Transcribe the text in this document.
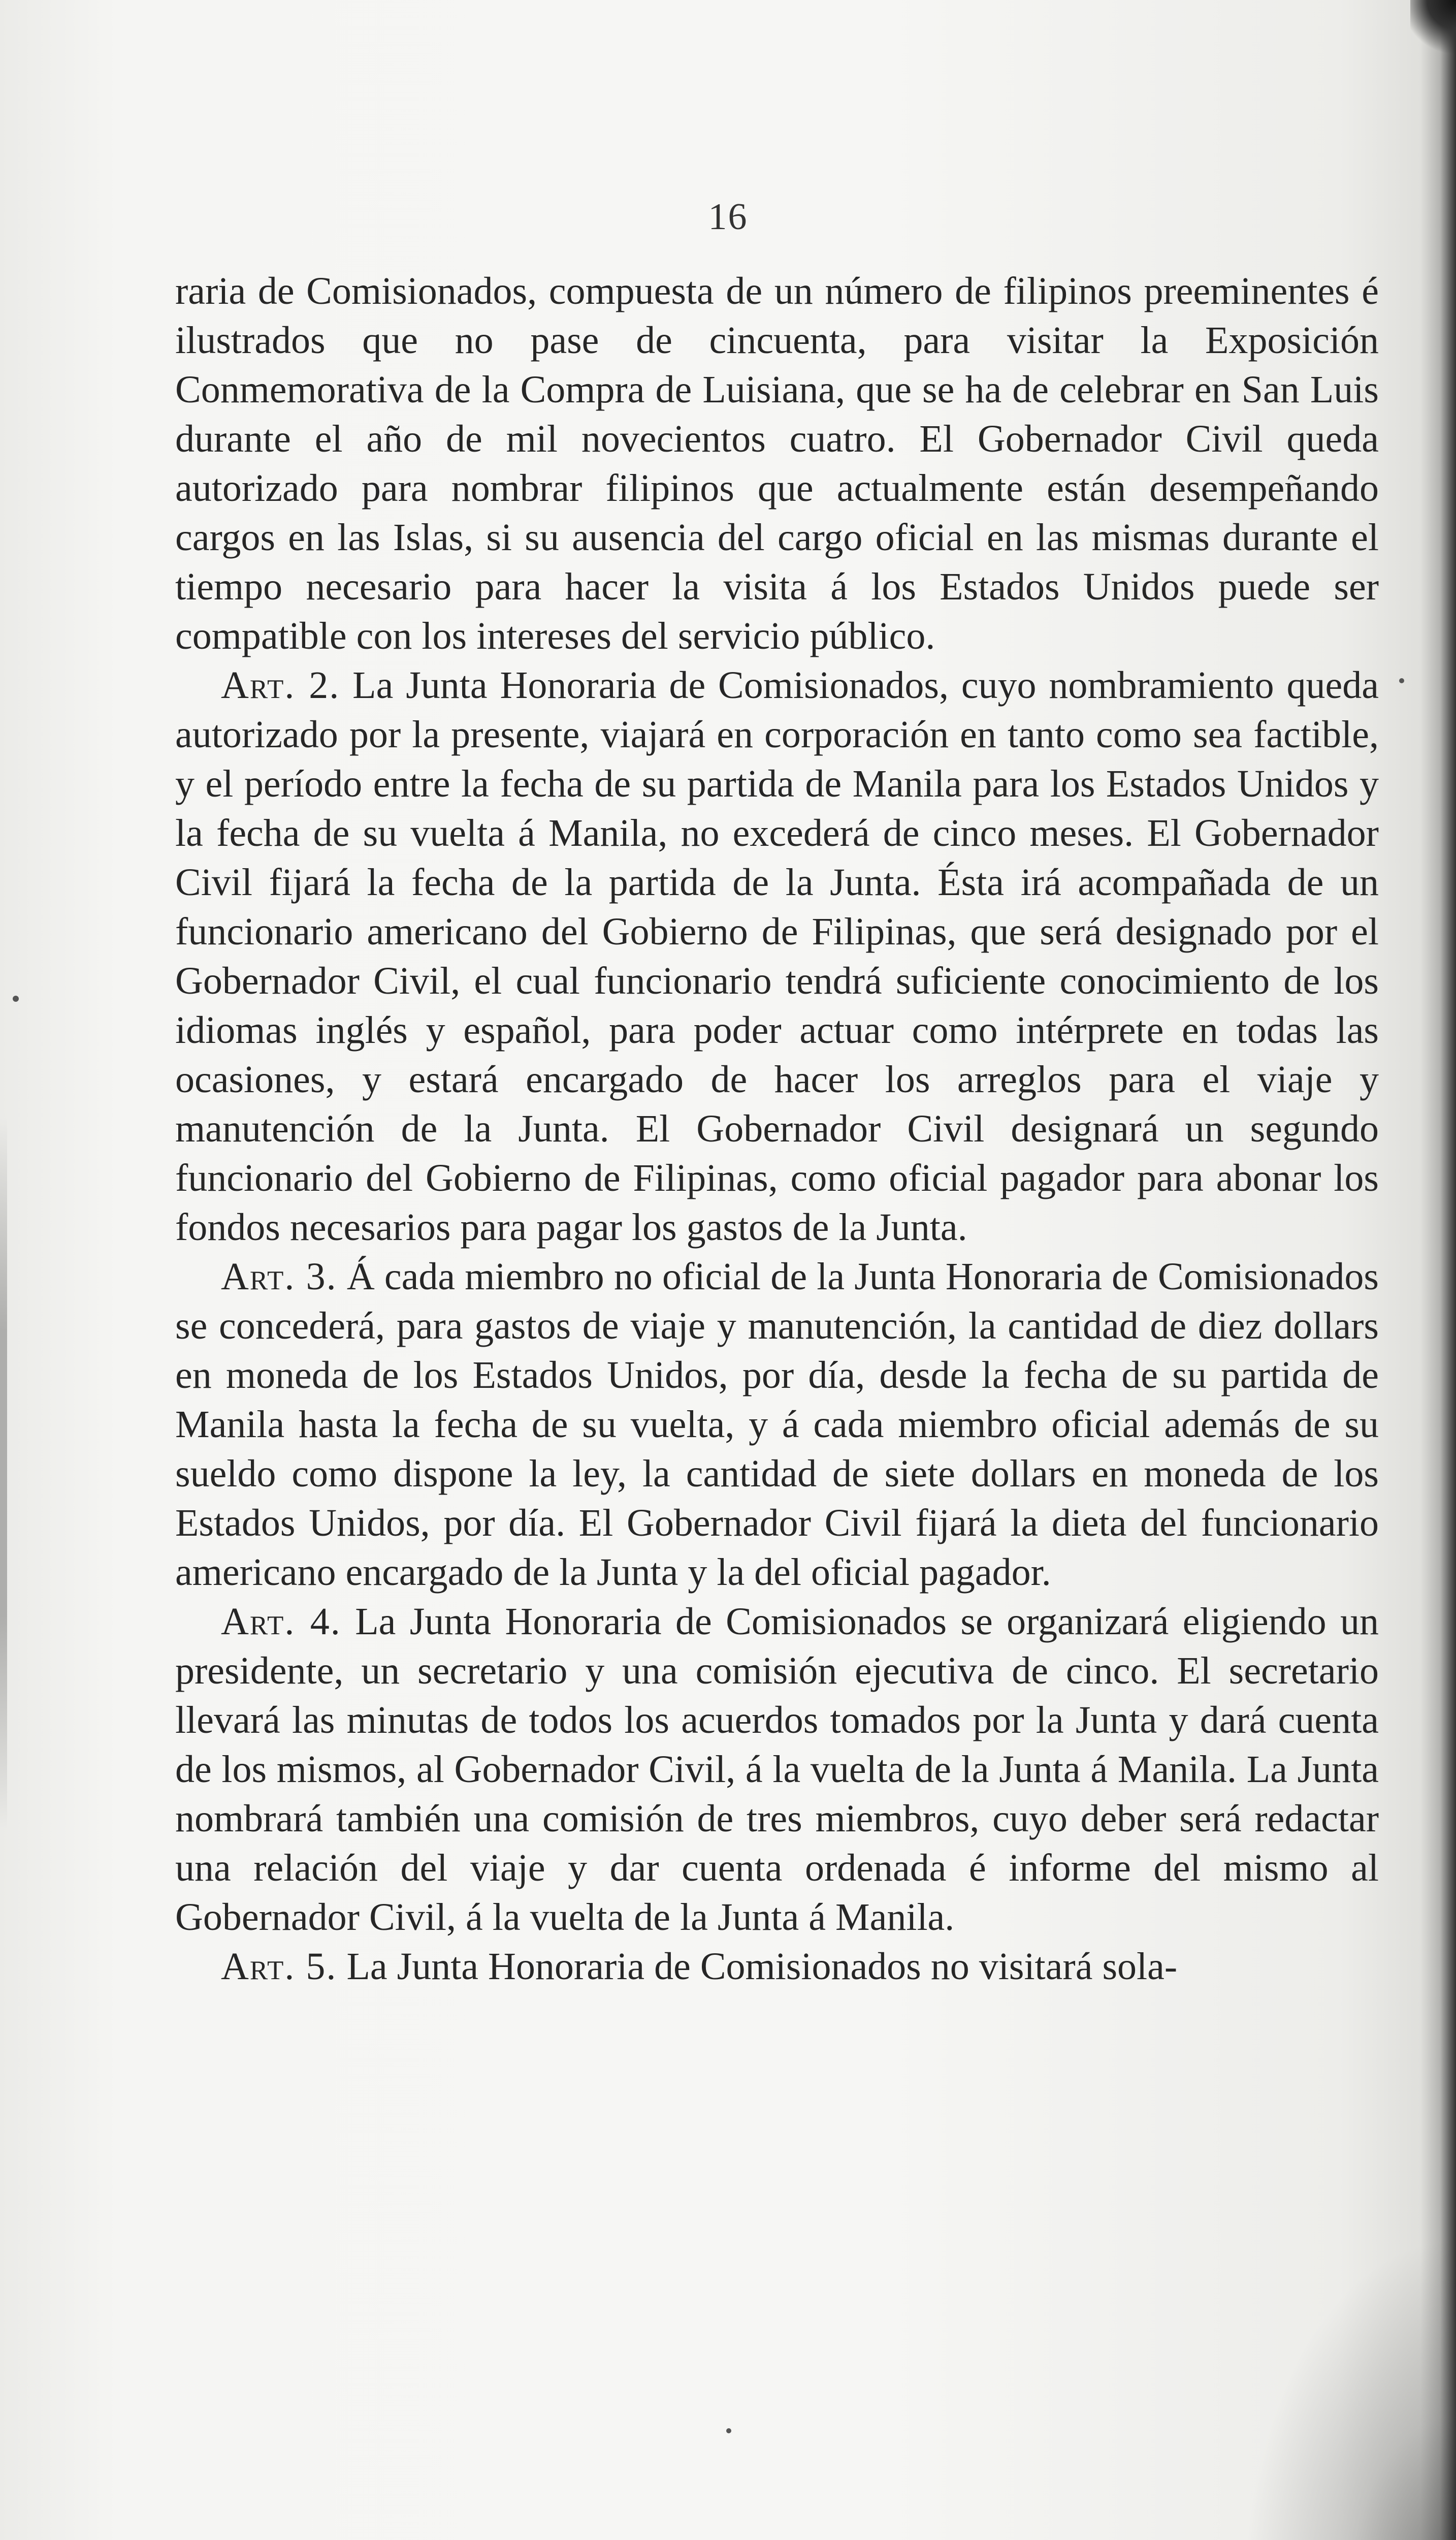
16

raria de Comisionados, compuesta de un número de filipinos preeminentes é ilustrados que no pase de cincuenta, para visitar la Exposición Conmemorativa de la Compra de Luisiana, que se ha de celebrar en San Luis durante el año de mil novecientos cuatro. El Gobernador Civil queda autorizado para nombrar filipinos que actualmente están desempeñando cargos en las Islas, si su ausencia del cargo oficial en las mismas durante el tiempo necesario para hacer la visita á los Estados Unidos puede ser compatible con los intereses del servicio público.

Art. 2. La Junta Honoraria de Comisionados, cuyo nombramiento queda autorizado por la presente, viajará en corporación en tanto como sea factible, y el período entre la fecha de su partida de Manila para los Estados Unidos y la fecha de su vuelta á Manila, no excederá de cinco meses. El Gobernador Civil fijará la fecha de la partida de la Junta. Ésta irá acompañada de un funcionario americano del Gobierno de Filipinas, que será designado por el Gobernador Civil, el cual funcionario tendrá suficiente conocimiento de los idiomas inglés y español, para poder actuar como intérprete en todas las ocasiones, y estará encargado de hacer los arreglos para el viaje y manutención de la Junta. El Gobernador Civil designará un segundo funcionario del Gobierno de Filipinas, como oficial pagador para abonar los fondos necesarios para pagar los gastos de la Junta.

Art. 3. Á cada miembro no oficial de la Junta Honoraria de Comisionados se concederá, para gastos de viaje y manutención, la cantidad de diez dollars en moneda de los Estados Unidos, por día, desde la fecha de su partida de Manila hasta la fecha de su vuelta, y á cada miembro oficial además de su sueldo como dispone la ley, la cantidad de siete dollars en moneda de los Estados Unidos, por día. El Gobernador Civil fijará la dieta del funcionario americano encargado de la Junta y la del oficial pagador.

Art. 4. La Junta Honoraria de Comisionados se organizará eligiendo un presidente, un secretario y una comisión ejecutiva de cinco. El secretario llevará las minutas de todos los acuerdos tomados por la Junta y dará cuenta de los mismos, al Gobernador Civil, á la vuelta de la Junta á Manila. La Junta nombrará también una comisión de tres miembros, cuyo deber será redactar una relación del viaje y dar cuenta ordenada é informe del mismo al Gobernador Civil, á la vuelta de la Junta á Manila.

Art. 5. La Junta Honoraria de Comisionados no visitará sola-
